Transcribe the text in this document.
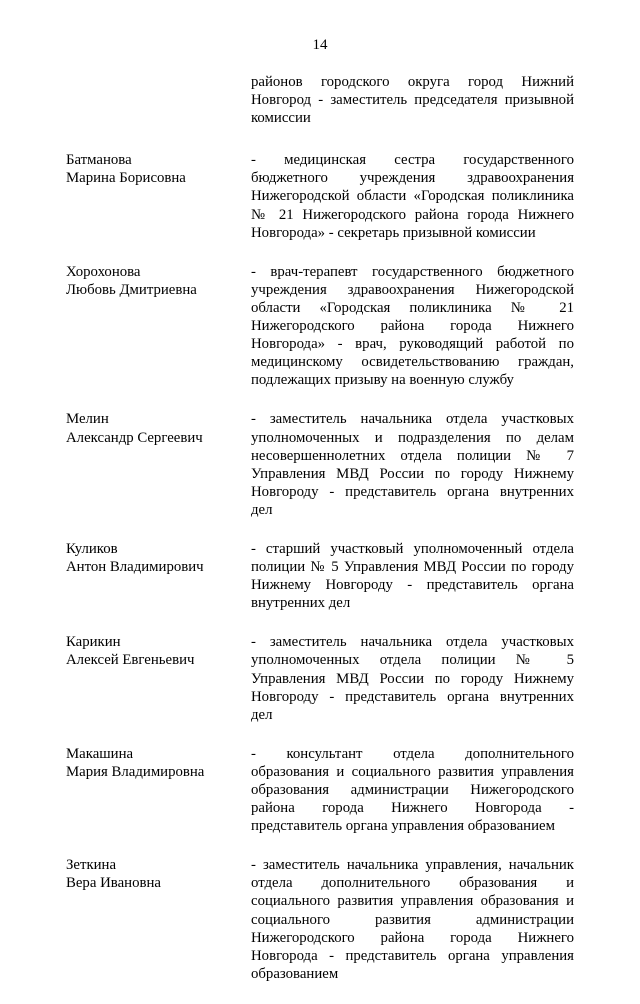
14
районов городского округа город Нижний
Новгород - заместитель председателя призывной
комиссии
Батманова
Марина Борисовна
- медицинская сестра государственного
бюджетного учреждения здравоохранения
Нижегородской области «Городская поликлиника
№ 21 Нижегородского района города Нижнего
Новгорода» - секретарь призывной комиссии
Хорохонова
Любовь Дмитриевна
- врач-терапевт государственного бюджетного
учреждения здравоохранения Нижегородской
области «Городская поликлиника № 21
Нижегородского района города Нижнего
Новгорода» - врач, руководящий работой по
медицинскому освидетельствованию граждан,
подлежащих призыву на военную службу
Мелин
Александр Сергеевич
- заместитель начальника отдела участковых
уполномоченных и подразделения по делам
несовершеннолетних отдела полиции № 7
Управления МВД России по городу Нижнему
Новгороду - представитель органа внутренних
дел
Куликов
Антон Владимирович
- старший участковый уполномоченный отдела
полиции № 5 Управления МВД России по городу
Нижнему Новгороду - представитель органа
внутренних дел
Карикин
Алексей Евгеньевич
- заместитель начальника отдела участковых
уполномоченных отдела полиции № 5
Управления МВД России по городу Нижнему
Новгороду - представитель органа внутренних
дел
Макашина
Мария Владимировна
- консультант отдела дополнительного
образования и социального развития управления
образования администрации Нижегородского
района города Нижнего Новгорода -
представитель органа управления образованием
Зеткина
Вера Ивановна
- заместитель начальника управления, начальник
отдела дополнительного образования и
социального развития управления образования и
социального развития администрации
Нижегородского района города Нижнего
Новгорода - представитель органа управления
образованием
